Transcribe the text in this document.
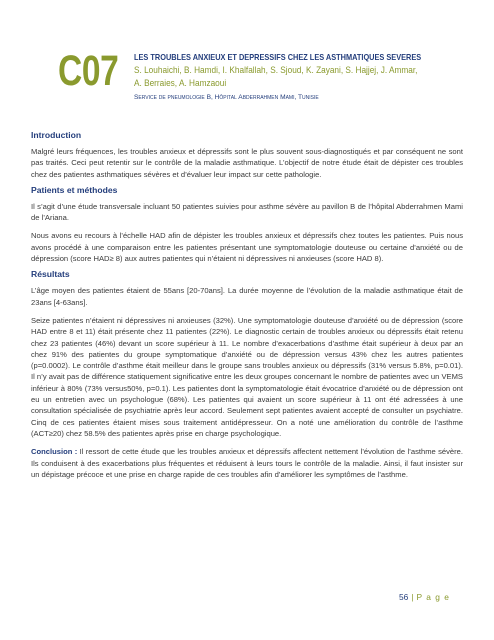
C07 LES TROUBLES ANXIEUX ET DEPRESSIFS CHEZ LES ASTHMATIQUES SEVERES
S. Louhaichi, B. Hamdi, I. Khalfallah, S. Sjoud, K. Zayani, S. Hajjej, J. Ammar, A. Berraies, A. Hamzaoui
Service de pneumologie B, Hôpital Abderrahmen Mami, Tunisie

Introduction

Malgré leurs fréquences, les troubles anxieux et dépressifs sont le plus souvent sous-diagnostiqués et par conséquent ne sont pas traités. Ceci peut retentir sur le contrôle de la maladie asthmatique. L’objectif de notre étude était de dépister ces troubles chez des patientes asthmatiques sévères et d’évaluer leur impact sur cette pathologie.

Patients et méthodes

Il s’agit d’une étude transversale incluant 50 patientes suivies pour asthme sévère au pavillon B de l’hôpital Abderrahmen Mami de l’Ariana.

Nous avons eu recours à l’échelle HAD afin de dépister les troubles anxieux et dépressifs chez toutes les patientes. Puis nous avons procédé à une comparaison entre les patientes présentant une symptomatologie douteuse ou certaine d’anxiété ou de dépression (score HAD≥ 8) aux autres patientes qui n’étaient ni dépressives ni anxieuses (score HAD 8).

Résultats

L’âge moyen des patientes étaient de 55ans [20-70ans]. La durée moyenne de l’évolution de la maladie asthmatique était de 23ans [4-63ans].

Seize patientes n’étaient ni dépressives ni anxieuses (32%). Une symptomatologie douteuse d’anxiété ou de dépression (score HAD entre 8 et 11) était présente chez 11 patientes (22%). Le diagnostic certain de troubles anxieux ou dépressifs était retenu chez 23 patientes (46%) devant un score supérieur à 11. Le nombre d’exacerbations d’asthme était supérieur à deux par an chez 91% des patientes du groupe symptomatique d’anxiété ou de dépression versus 43% chez les autres patientes (p=0.0002). Le contrôle d’asthme était meilleur dans le groupe sans troubles anxieux ou dépressifs (31% versus 5.8%, p=0.01). Il n’y avait pas de différence statiquement significative entre les deux groupes concernant le nombre de patientes avec un VEMS inférieur à 80% (73% versus50%, p=0.1). Les patientes dont la symptomatologie était évocatrice d’anxiété ou de dépression ont eu un entretien avec un psychologue (68%). Les patientes qui avaient un score supérieur à 11 ont été adressées à une consultation spécialisée de psychiatrie après leur accord. Seulement sept patientes avaient accepté de consulter un psychiatre. Cinq de ces patientes étaient mises sous traitement antidépresseur. On a noté une amélioration du contrôle de l’asthme (ACT≥20) chez 58.5% des patientes après prise en charge psychologique.

Conclusion : Il ressort de cette étude que les troubles anxieux et dépressifs affectent nettement l’évolution de l’asthme sévère. Ils conduisent à des exacerbations plus fréquentes et réduisent à leurs tours le contrôle de la maladie. Ainsi, il faut insister sur un dépistage précoce et une prise en charge rapide de ces troubles afin d’améliorer les symptômes de l’asthme.

56 | P a g e
